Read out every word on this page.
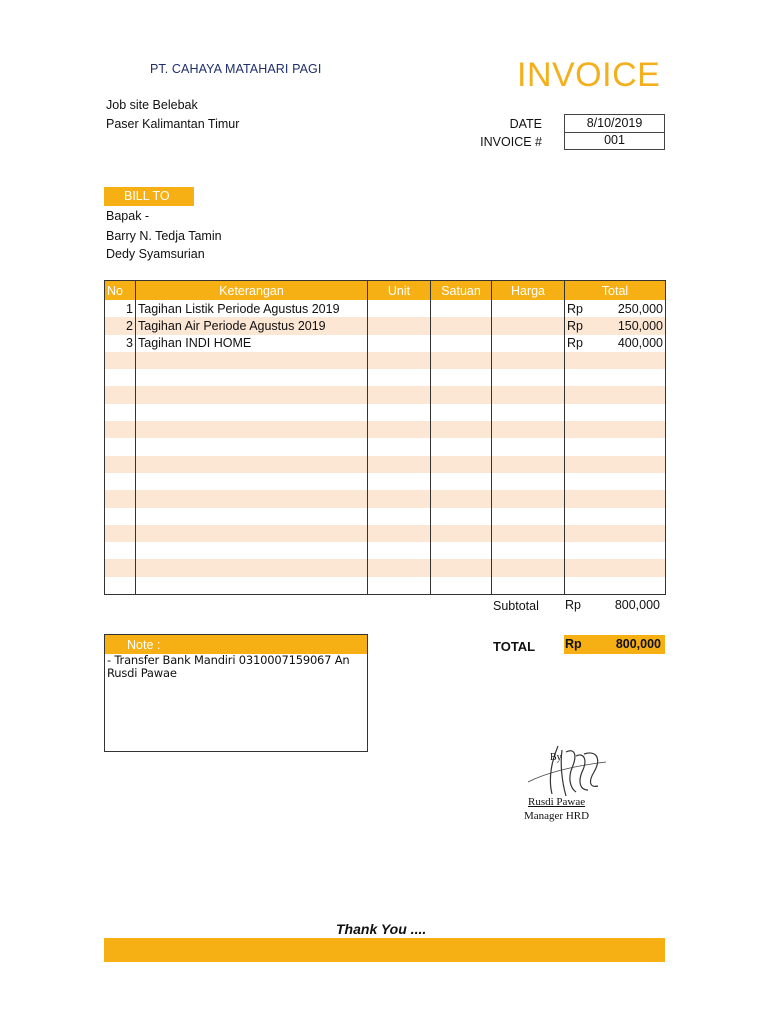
PT. CAHAYA MATAHARI PAGI	INVOICE
Job site Belebak
Paser Kalimantan Timur	DATE	8/10/2019
INVOICE #	001
BILL TO
Bapak -
Barry N. Tedja Tamin
Dedy Syamsurian
No	Keterangan	Unit	Satuan	Harga	Total
1	Tagihan Listik Periode Agustus 2019				Rp 250,000

2	Tagihan Air Periode Agustus 2019				Rp 150,000

3	Tagihan INDI HOME				Rp 400,000

Subtotal Rp	800,000
TOTAL Rp	800,000
Note :
- Transfer Bank Mandiri 0310007159067 An Rusdi Pawae
By
Rusdi Pawae
Manager HRD
Thank You ....
